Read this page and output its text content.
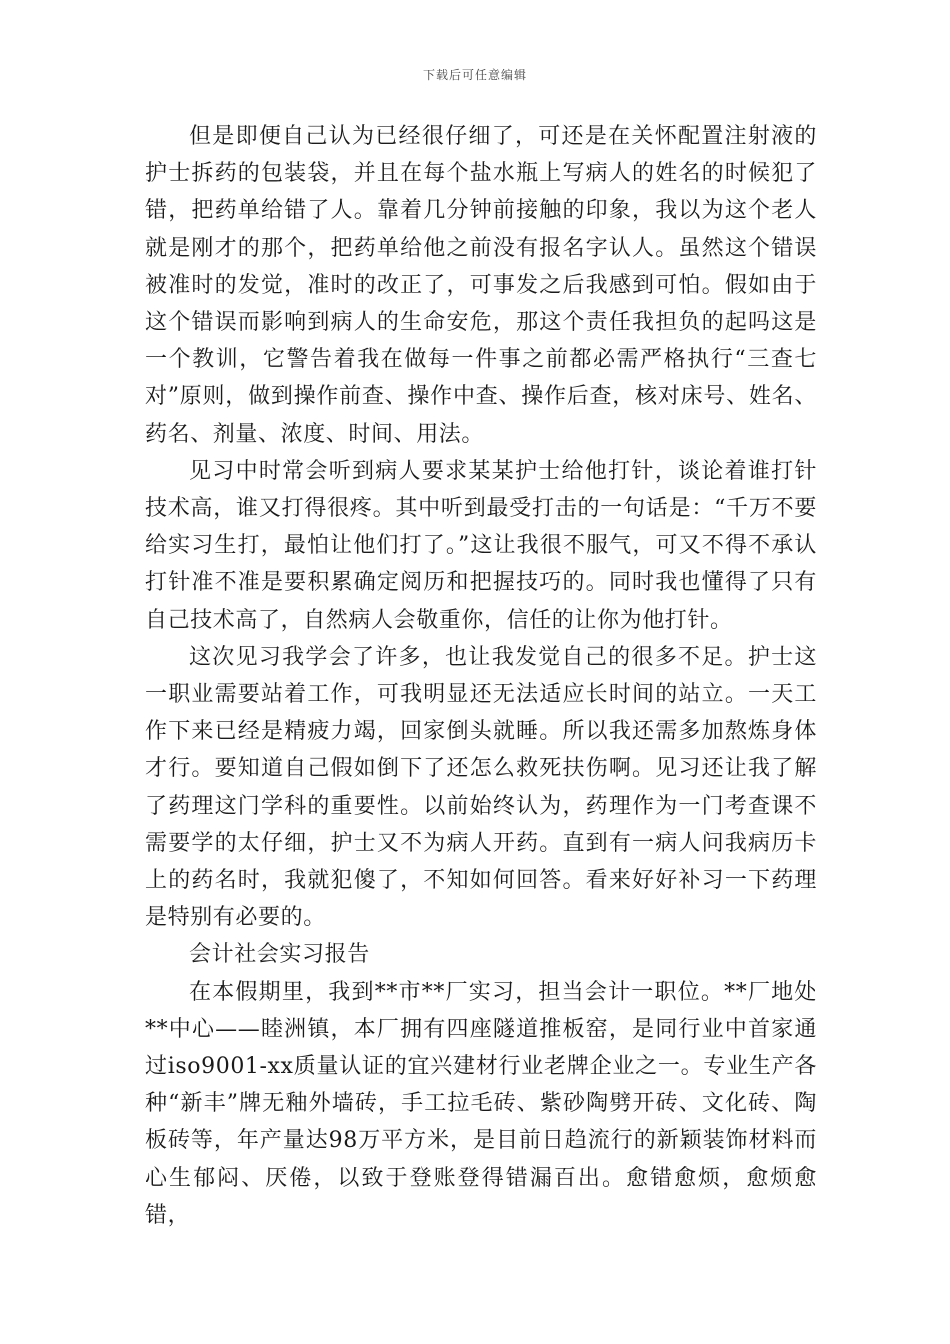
下载后可任意编辑

但是即便自己认为已经很仔细了，可还是在关怀配置注射液的护士拆药的包装袋，并且在每个盐水瓶上写病人的姓名的时候犯了错，把药单给错了人。靠着几分钟前接触的印象，我以为这个老人就是刚才的那个，把药单给他之前没有报名字认人。虽然这个错误被准时的发觉，准时的改正了，可事发之后我感到可怕。假如由于这个错误而影响到病人的生命安危，那这个责任我担负的起吗这是一个教训，它警告着我在做每一件事之前都必需严格执行“三查七对”原则，做到操作前查、操作中查、操作后查，核对床号、姓名、药名、剂量、浓度、时间、用法。

见习中时常会听到病人要求某某护士给他打针，谈论着谁打针技术高，谁又打得很疼。其中听到最受打击的一句话是：“千万不要给实习生打，最怕让他们打了。”这让我很不服气，可又不得不承认打针准不准是要积累确定阅历和把握技巧的。同时我也懂得了只有自己技术高了，自然病人会敬重你，信任的让你为他打针。

这次见习我学会了许多，也让我发觉自己的很多不足。护士这一职业需要站着工作，可我明显还无法适应长时间的站立。一天工作下来已经是精疲力竭，回家倒头就睡。所以我还需多加熬炼身体才行。要知道自己假如倒下了还怎么救死扶伤啊。见习还让我了解了药理这门学科的重要性。以前始终认为，药理作为一门考查课不需要学的太仔细，护士又不为病人开药。直到有一病人问我病历卡上的药名时，我就犯傻了，不知如何回答。看来好好补习一下药理是特别有必要的。

会计社会实习报告

在本假期里，我到**市**厂实习，担当会计一职位。**厂地处**中心——睦洲镇，本厂拥有四座隧道推板窑，是同行业中首家通过iso9001-xx质量认证的宜兴建材行业老牌企业之一。专业生产各种“新丰”牌无釉外墙砖，手工拉毛砖、紫砂陶劈开砖、文化砖、陶板砖等，年产量达98万平方米，是目前日趋流行的新颖装饰材料而心生郁闷、厌倦，以致于登账登得错漏百出。愈错愈烦，愈烦愈错，
